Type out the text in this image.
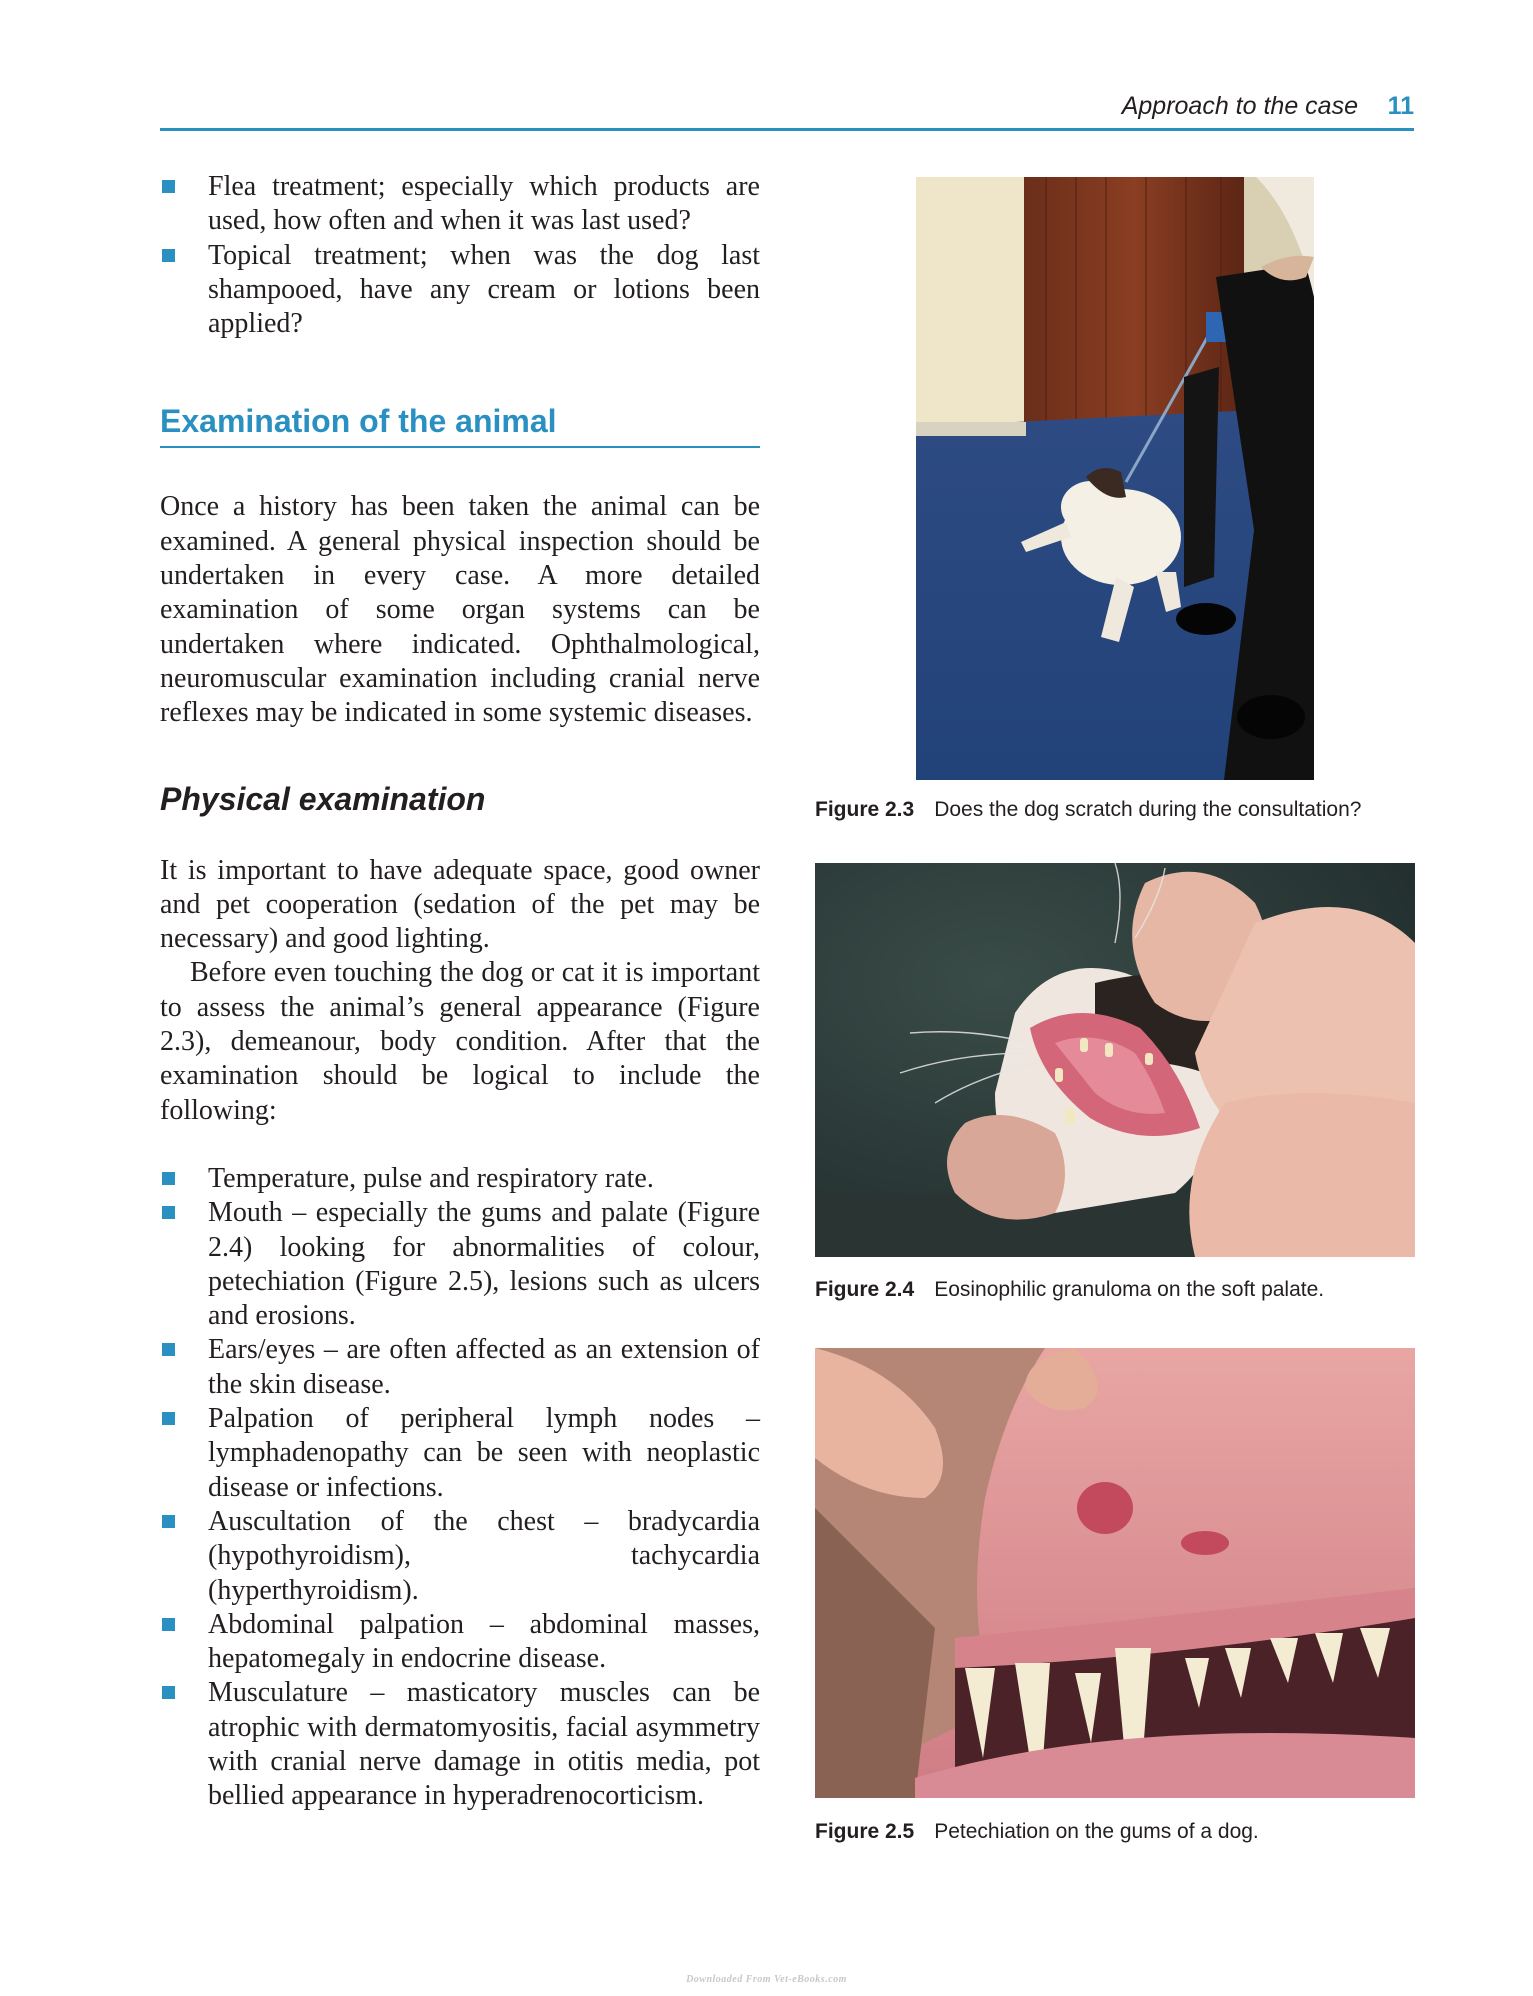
Approach to the case 11
Flea treatment; especially which products are used, how often and when it was last used?
Topical treatment; when was the dog last shampooed, have any cream or lotions been applied?
Examination of the animal

Once a history has been taken the animal can be examined. A general physical inspection should be undertaken in every case. A more detailed examination of some organ systems can be undertaken where indicated. Ophthalmological, neuromuscular examination including cranial nerve reflexes may be indicated in some systemic diseases.

Physical examination

It is important to have adequate space, good owner and pet cooperation (sedation of the pet may be necessary) and good lighting.

Before even touching the dog or cat it is important to assess the animal’s general appearance (Figure 2.3), demeanour, body condition. After that the examination should be logical to include the following:

Temperature, pulse and respiratory rate.
Mouth – especially the gums and palate (Figure 2.4) looking for abnormalities of colour, petechiation (Figure 2.5), lesions such as ulcers and erosions.
Ears/eyes – are often affected as an extension of the skin disease.
Palpation of peripheral lymph nodes – lymphadenopathy can be seen with neoplastic disease or infections.
Auscultation of the chest – bradycardia (hypothyroidism), tachycardia (hyperthyroidism).
Abdominal palpation – abdominal masses, hepatomegaly in endocrine disease.
Musculature – masticatory muscles can be atrophic with dermatomyositis, facial asymmetry with cranial nerve damage in otitis media, pot bellied appearance in hyperadrenocorticism.
Figure 2.3 Does the dog scratch during the consultation?
Figure 2.4 Eosinophilic granuloma on the soft palate.
Figure 2.5 Petechiation on the gums of a dog.
Downloaded From Vet-eBooks.com
